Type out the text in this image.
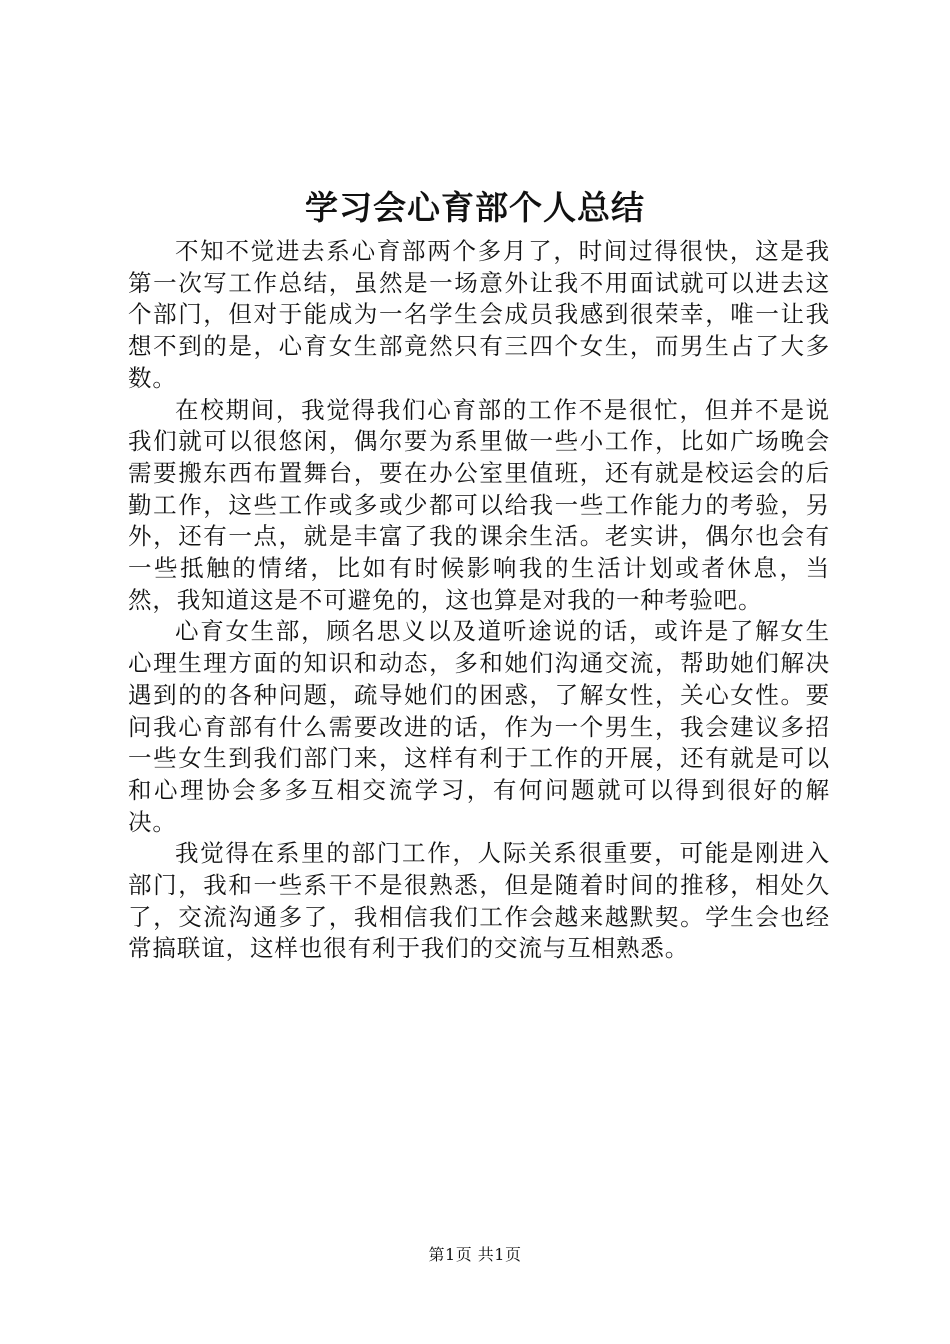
学习会心育部个人总结

不知不觉进去系心育部两个多月了，时间过得很快，这是我第一次写工作总结，虽然是一场意外让我不用面试就可以进去这个部门，但对于能成为一名学生会成员我感到很荣幸，唯一让我想不到的是，心育女生部竟然只有三四个女生，而男生占了大多数。

在校期间，我觉得我们心育部的工作不是很忙，但并不是说我们就可以很悠闲，偶尔要为系里做一些小工作，比如广场晚会需要搬东西布置舞台，要在办公室里值班，还有就是校运会的后勤工作，这些工作或多或少都可以给我一些工作能力的考验，另外，还有一点，就是丰富了我的课余生活。老实讲，偶尔也会有一些抵触的情绪，比如有时候影响我的生活计划或者休息，当然，我知道这是不可避免的，这也算是对我的一种考验吧。

心育女生部，顾名思义以及道听途说的话，或许是了解女生心理生理方面的知识和动态，多和她们沟通交流，帮助她们解决遇到的的各种问题，疏导她们的困惑，了解女性，关心女性。要问我心育部有什么需要改进的话，作为一个男生，我会建议多招一些女生到我们部门来，这样有利于工作的开展，还有就是可以和心理协会多多互相交流学习，有何问题就可以得到很好的解决。

我觉得在系里的部门工作，人际关系很重要，可能是刚进入部门，我和一些系干不是很熟悉，但是随着时间的推移，相处久了，交流沟通多了，我相信我们工作会越来越默契。学生会也经常搞联谊，这样也很有利于我们的交流与互相熟悉。

第1页 共1页
